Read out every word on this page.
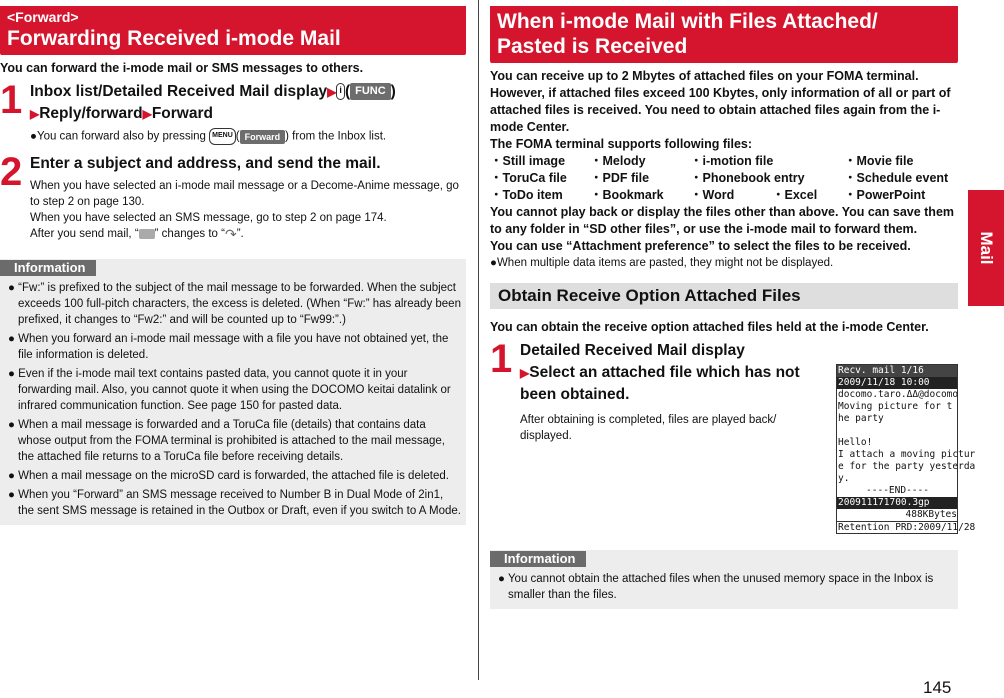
<Forward>
Forwarding Received i-mode Mail
You can forward the i-mode mail or SMS messages to others.
1 Inbox list/Detailed Received Mail display▶ i ( FUNC )
▶Reply/forward▶Forward
●You can forward also by pressing MENU ( Forward ) from the Inbox list.
2 Enter a subject and address, and send the mail.
When you have selected an i-mode mail message or a Decome-Anime message, go to step 2 on page 130.
When you have selected an SMS message, go to step 2 on page 174.
After you send mail, “ ” changes to “↷”.
Information
● “Fw:” is prefixed to the subject of the mail message to be forwarded. When the subject exceeds 100 full-pitch characters, the excess is deleted. (When “Fw:” has already been prefixed, it changes to “Fw2:” and will be counted up to “Fw99:”.)
● When you forward an i-mode mail message with a file you have not obtained yet, the file information is deleted.
● Even if the i-mode mail text contains pasted data, you cannot quote it in your forwarding mail. Also, you cannot quote it when using the DOCOMO keitai datalink or infrared communication function. See page 150 for pasted data.
● When a mail message is forwarded and a ToruCa file (details) that contains data whose output from the FOMA terminal is prohibited is attached to the mail message, the attached file returns to a ToruCa file before receiving details.
● When a mail message on the microSD card is forwarded, the attached file is deleted.
● When you “Forward” an SMS message received to Number B in Dual Mode of 2in1, the sent SMS message is retained in the Outbox or Draft, even if you switch to A Mode.
When i-mode Mail with Files Attached/ Pasted is Received
You can receive up to 2 Mbytes of attached files on your FOMA terminal. However, if attached files exceed 100 Kbytes, only information of all or part of attached files is received. You need to obtain attached files again from the i-mode Center.
The FOMA terminal supports following files:
・Still image	・Melody	・i-motion file	・Movie file
・ToruCa file	・PDF file	・Phonebook entry	・Schedule event
・ToDo item	・Bookmark	・Word	・Excel	・PowerPoint
You cannot play back or display the files other than above. You can save them to any folder in “SD other files”, or use the i-mode mail to forward them.
You can use “Attachment preference” to select the files to be received.
●When multiple data items are pasted, they might not be displayed.
Obtain Receive Option Attached Files
You can obtain the receive option attached files held at the i-mode Center.
1 Detailed Received Mail display
▶Select an attached file which has not been obtained.
After obtaining is completed, files are played back/ displayed.
Recv. mail 1/16
2009/11/18 10:00
docomo.taro.ΔΔ@docomo
Moving picture for t
he party

Hello!
I attach a moving pictur
e for the party yesterda
y.
----END----
200911171700.3gp
488KBytes
Retention PRD:2009/11/28
Information
● You cannot obtain the attached files when the unused memory space in the Inbox is smaller than the files.
Mail
145
